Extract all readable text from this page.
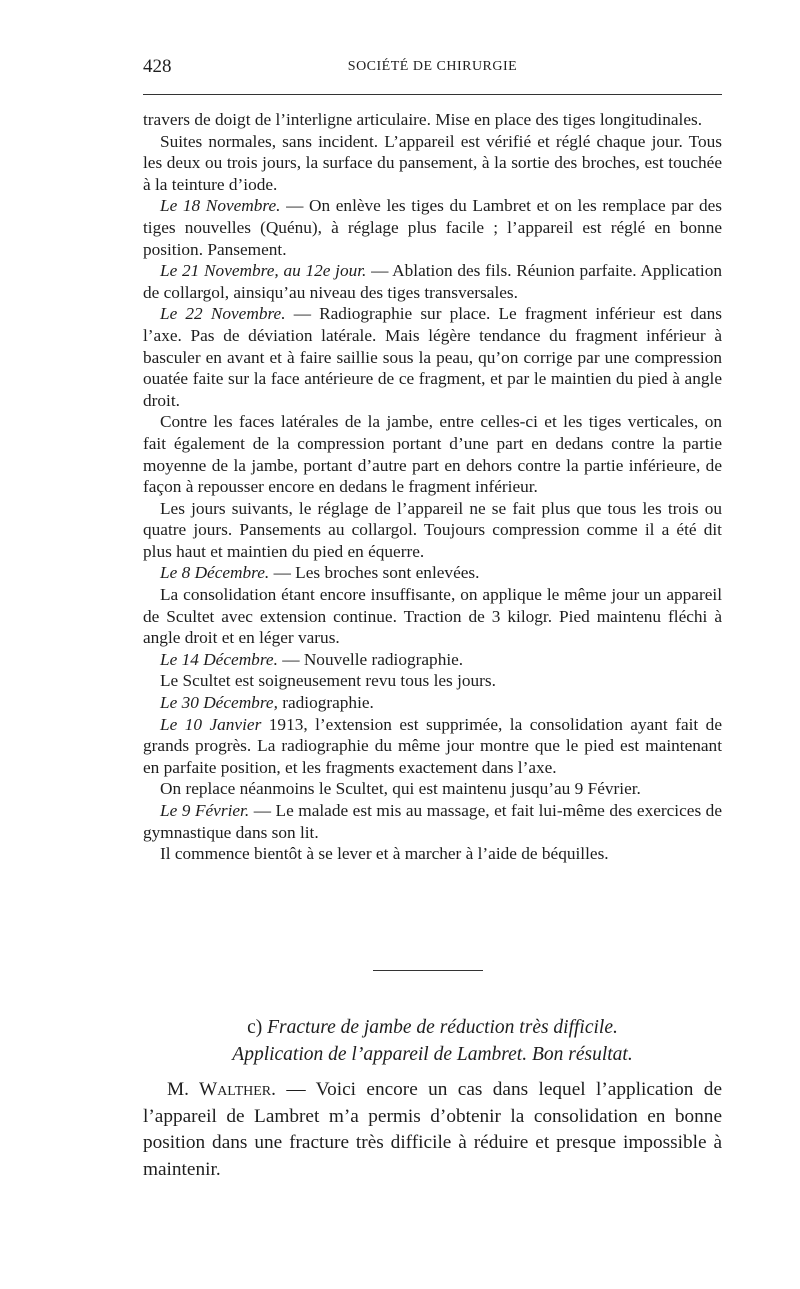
428	SOCIÉTÉ DE CHIRURGIE

travers de doigt de l’interligne articulaire. Mise en place des tiges longitudinales.

Suites normales, sans incident. L’appareil est vérifié et réglé chaque jour. Tous les deux ou trois jours, la surface du pansement, à la sortie des broches, est touchée à la teinture d’iode.

Le 18 Novembre. — On enlève les tiges du Lambret et on les remplace par des tiges nouvelles (Quénu), à réglage plus facile ; l’appareil est réglé en bonne position. Pansement.

Le 21 Novembre, au 12e jour. — Ablation des fils. Réunion parfaite. Application de collargol, ainsiqu’au niveau des tiges transversales.

Le 22 Novembre. — Radiographie sur place. Le fragment inférieur est dans l’axe. Pas de déviation latérale. Mais légère tendance du fragment inférieur à basculer en avant et à faire saillie sous la peau, qu’on corrige par une compression ouatée faite sur la face antérieure de ce fragment, et par le maintien du pied à angle droit.

Contre les faces latérales de la jambe, entre celles-ci et les tiges verticales, on fait également de la compression portant d’une part en dedans contre la partie moyenne de la jambe, portant d’autre part en dehors contre la partie inférieure, de façon à repousser encore en dedans le fragment inférieur.

Les jours suivants, le réglage de l’appareil ne se fait plus que tous les trois ou quatre jours. Pansements au collargol. Toujours compression comme il a été dit plus haut et maintien du pied en équerre.

Le 8 Décembre. — Les broches sont enlevées.

La consolidation étant encore insuffisante, on applique le même jour un appareil de Scultet avec extension continue. Traction de 3 kilogr. Pied maintenu fléchi à angle droit et en léger varus.

Le 14 Décembre. — Nouvelle radiographie.

Le Scultet est soigneusement revu tous les jours.

Le 30 Décembre, radiographie.

Le 10 Janvier 1913, l’extension est supprimée, la consolidation ayant fait de grands progrès. La radiographie du même jour montre que le pied est maintenant en parfaite position, et les fragments exactement dans l’axe.

On replace néanmoins le Scultet, qui est maintenu jusqu’au 9 Février.

Le 9 Février. — Le malade est mis au massage, et fait lui-même des exercices de gymnastique dans son lit.

Il commence bientôt à se lever et à marcher à l’aide de béquilles.

c) Fracture de jambe de réduction très difficile.
Application de l’appareil de Lambret. Bon résultat.

M. Walther. — Voici encore un cas dans lequel l’application de l’appareil de Lambret m’a permis d’obtenir la consolidation en bonne position dans une fracture très difficile à réduire et presque impossible à maintenir.
